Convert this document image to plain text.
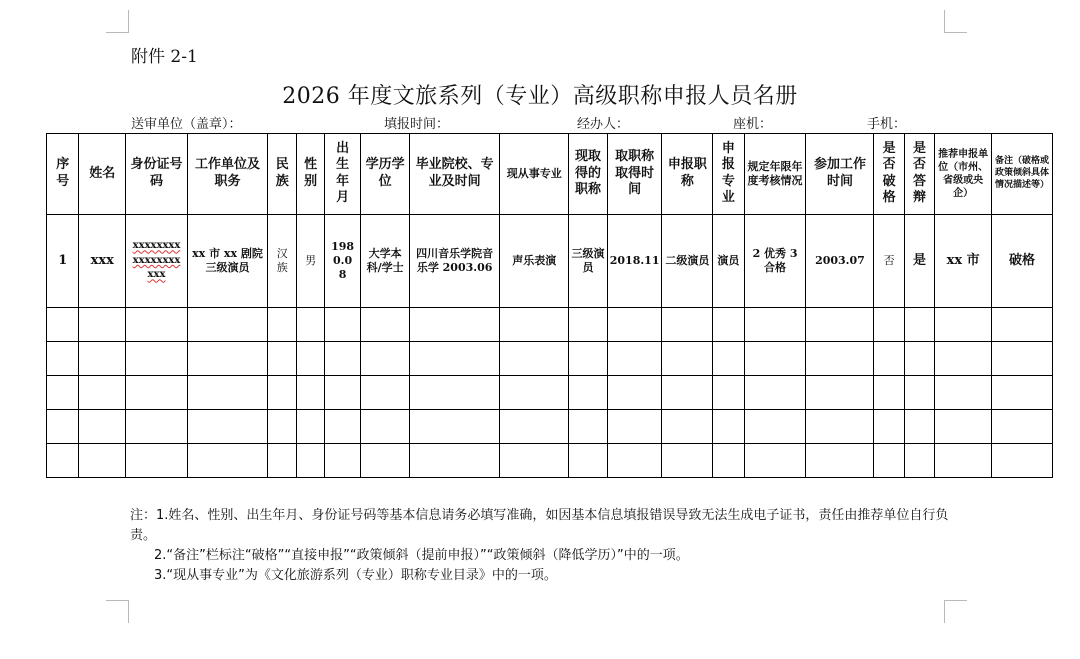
附件 2-1
2026 年度文旅系列（专业）高级职称申报人员名册
送审单位（盖章）：	填报时间：	经办人：	座机：	手机：
序号	姓名	身份证号码	工作单位及职务	民族	性别	出生年月	学历学位	毕业院校、专业及时间	现从事专业	现取得的职称	取职称取得时间	申报职称	申报专业	规定年限年度考核情况	参加工作时间	是否破格	是否答辩	推荐申报单位（市州、省级或央企）	备注（破格或政策倾斜具体情况描述等）
1	xxx	xxxxxxxxxxxxxxxxxxx	xx 市 xx 剧院三级演员	汉族	男	1980.08	大学本科/学士	四川音乐学院音乐学 2003.06	声乐表演	三级演员	2018.11	二级演员	演员	2 优秀 3 合格	2003.07	否	是	xx 市	破格

注：1.姓名、性别、出生年月、身份证号码等基本信息请务必填写准确，如因基本信息填报错误导致无法生成电子证书，责任由推荐单位自行负责。
2.“备注”栏标注“破格”“直接申报”“政策倾斜（提前申报）”“政策倾斜（降低学历）”中的一项。
3.“现从事专业”为《文化旅游系列（专业）职称专业目录》中的一项。
